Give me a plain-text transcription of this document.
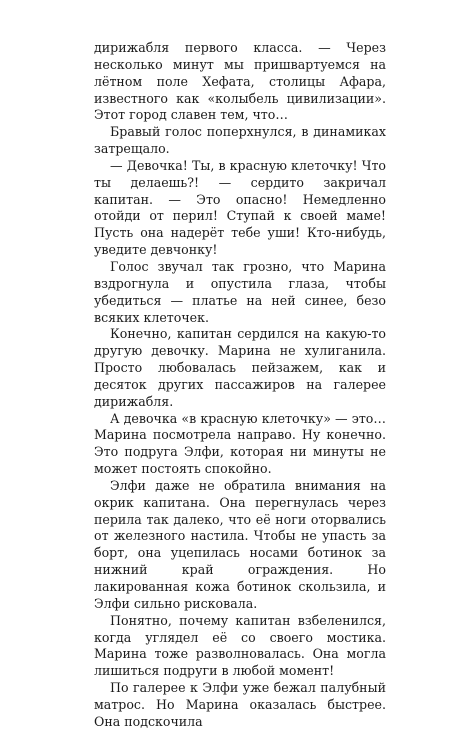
дирижабля первого класса. — Через несколько минут мы пришвартуемся на лётном поле Хефата, столицы Афара, известного как «колыбель цивилизации». Этот город славен тем, что…

Бравый голос поперхнулся, в динамиках затрещало.

— Девочка! Ты, в красную клеточку! Что ты делаешь?! — сердито закричал капитан. — Это опасно! Немедленно отойди от перил! Ступай к своей маме! Пусть она надерёт тебе уши! Кто-нибудь, уведите девчонку!

Голос звучал так грозно, что Марина вздрогнула и опустила глаза, чтобы убедиться — платье на ней синее, безо всяких клеточек.

Конечно, капитан сердился на какую-то другую девочку. Марина не хулиганила. Просто любовалась пейзажем, как и десяток других пассажиров на галерее дирижабля.

А девочка «в красную клеточку» — это… Марина посмотрела направо. Ну конечно. Это подруга Элфи, которая ни минуты не может постоять спокойно.

Элфи даже не обратила внимания на окрик капитана. Она перегнулась через перила так далеко, что её ноги оторвались от железного настила. Чтобы не упасть за борт, она уцепилась носами ботинок за нижний край ограждения. Но лакированная кожа ботинок скользила, и Элфи сильно рисковала.

Понятно, почему капитан взбеленился, когда углядел её со своего мостика. Марина тоже разволновалась. Она могла лишиться подруги в любой момент!

По галерее к Элфи уже бежал палубный матрос. Но Марина оказалась быстрее. Она подскочила
